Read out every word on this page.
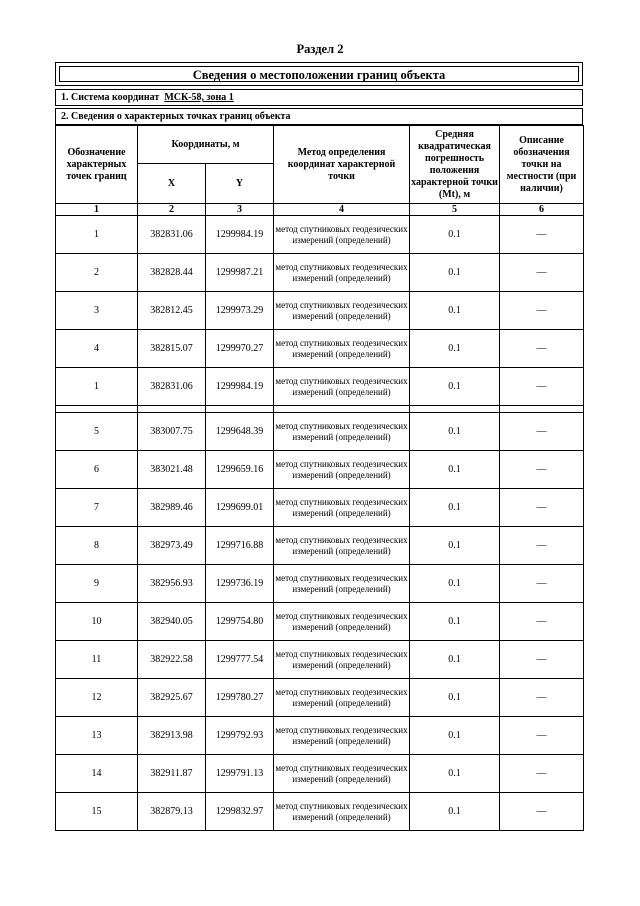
Раздел 2
Сведения о местоположении границ объекта
1. Система координат МСК-58, зона 1
2. Сведения о характерных точках границ объекта
Обозначение характерных точек границ	Координаты, м		Метод определения координат характерной точки	Средняя квадратическая погрешность положения характерной точки (Mt), м	Описание обозначения точки на местности (при наличии)
	X	Y			
1	2	3	4	5	6
1	382831.06	1299984.19	метод спутниковых геодезических измерений (определений)	0.1	—
2	382828.44	1299987.21	метод спутниковых геодезических измерений (определений)	0.1	—
3	382812.45	1299973.29	метод спутниковых геодезических измерений (определений)	0.1	—
4	382815.07	1299970.27	метод спутниковых геодезических измерений (определений)	0.1	—
1	382831.06	1299984.19	метод спутниковых геодезических измерений (определений)	0.1	—

5	383007.75	1299648.39	метод спутниковых геодезических измерений (определений)	0.1	—
6	383021.48	1299659.16	метод спутниковых геодезических измерений (определений)	0.1	—
7	382989.46	1299699.01	метод спутниковых геодезических измерений (определений)	0.1	—
8	382973.49	1299716.88	метод спутниковых геодезических измерений (определений)	0.1	—
9	382956.93	1299736.19	метод спутниковых геодезических измерений (определений)	0.1	—
10	382940.05	1299754.80	метод спутниковых геодезических измерений (определений)	0.1	—
11	382922.58	1299777.54	метод спутниковых геодезических измерений (определений)	0.1	—
12	382925.67	1299780.27	метод спутниковых геодезических измерений (определений)	0.1	—
13	382913.98	1299792.93	метод спутниковых геодезических измерений (определений)	0.1	—
14	382911.87	1299791.13	метод спутниковых геодезических измерений (определений)	0.1	—
15	382879.13	1299832.97	метод спутниковых геодезических измерений (определений)	0.1	—
